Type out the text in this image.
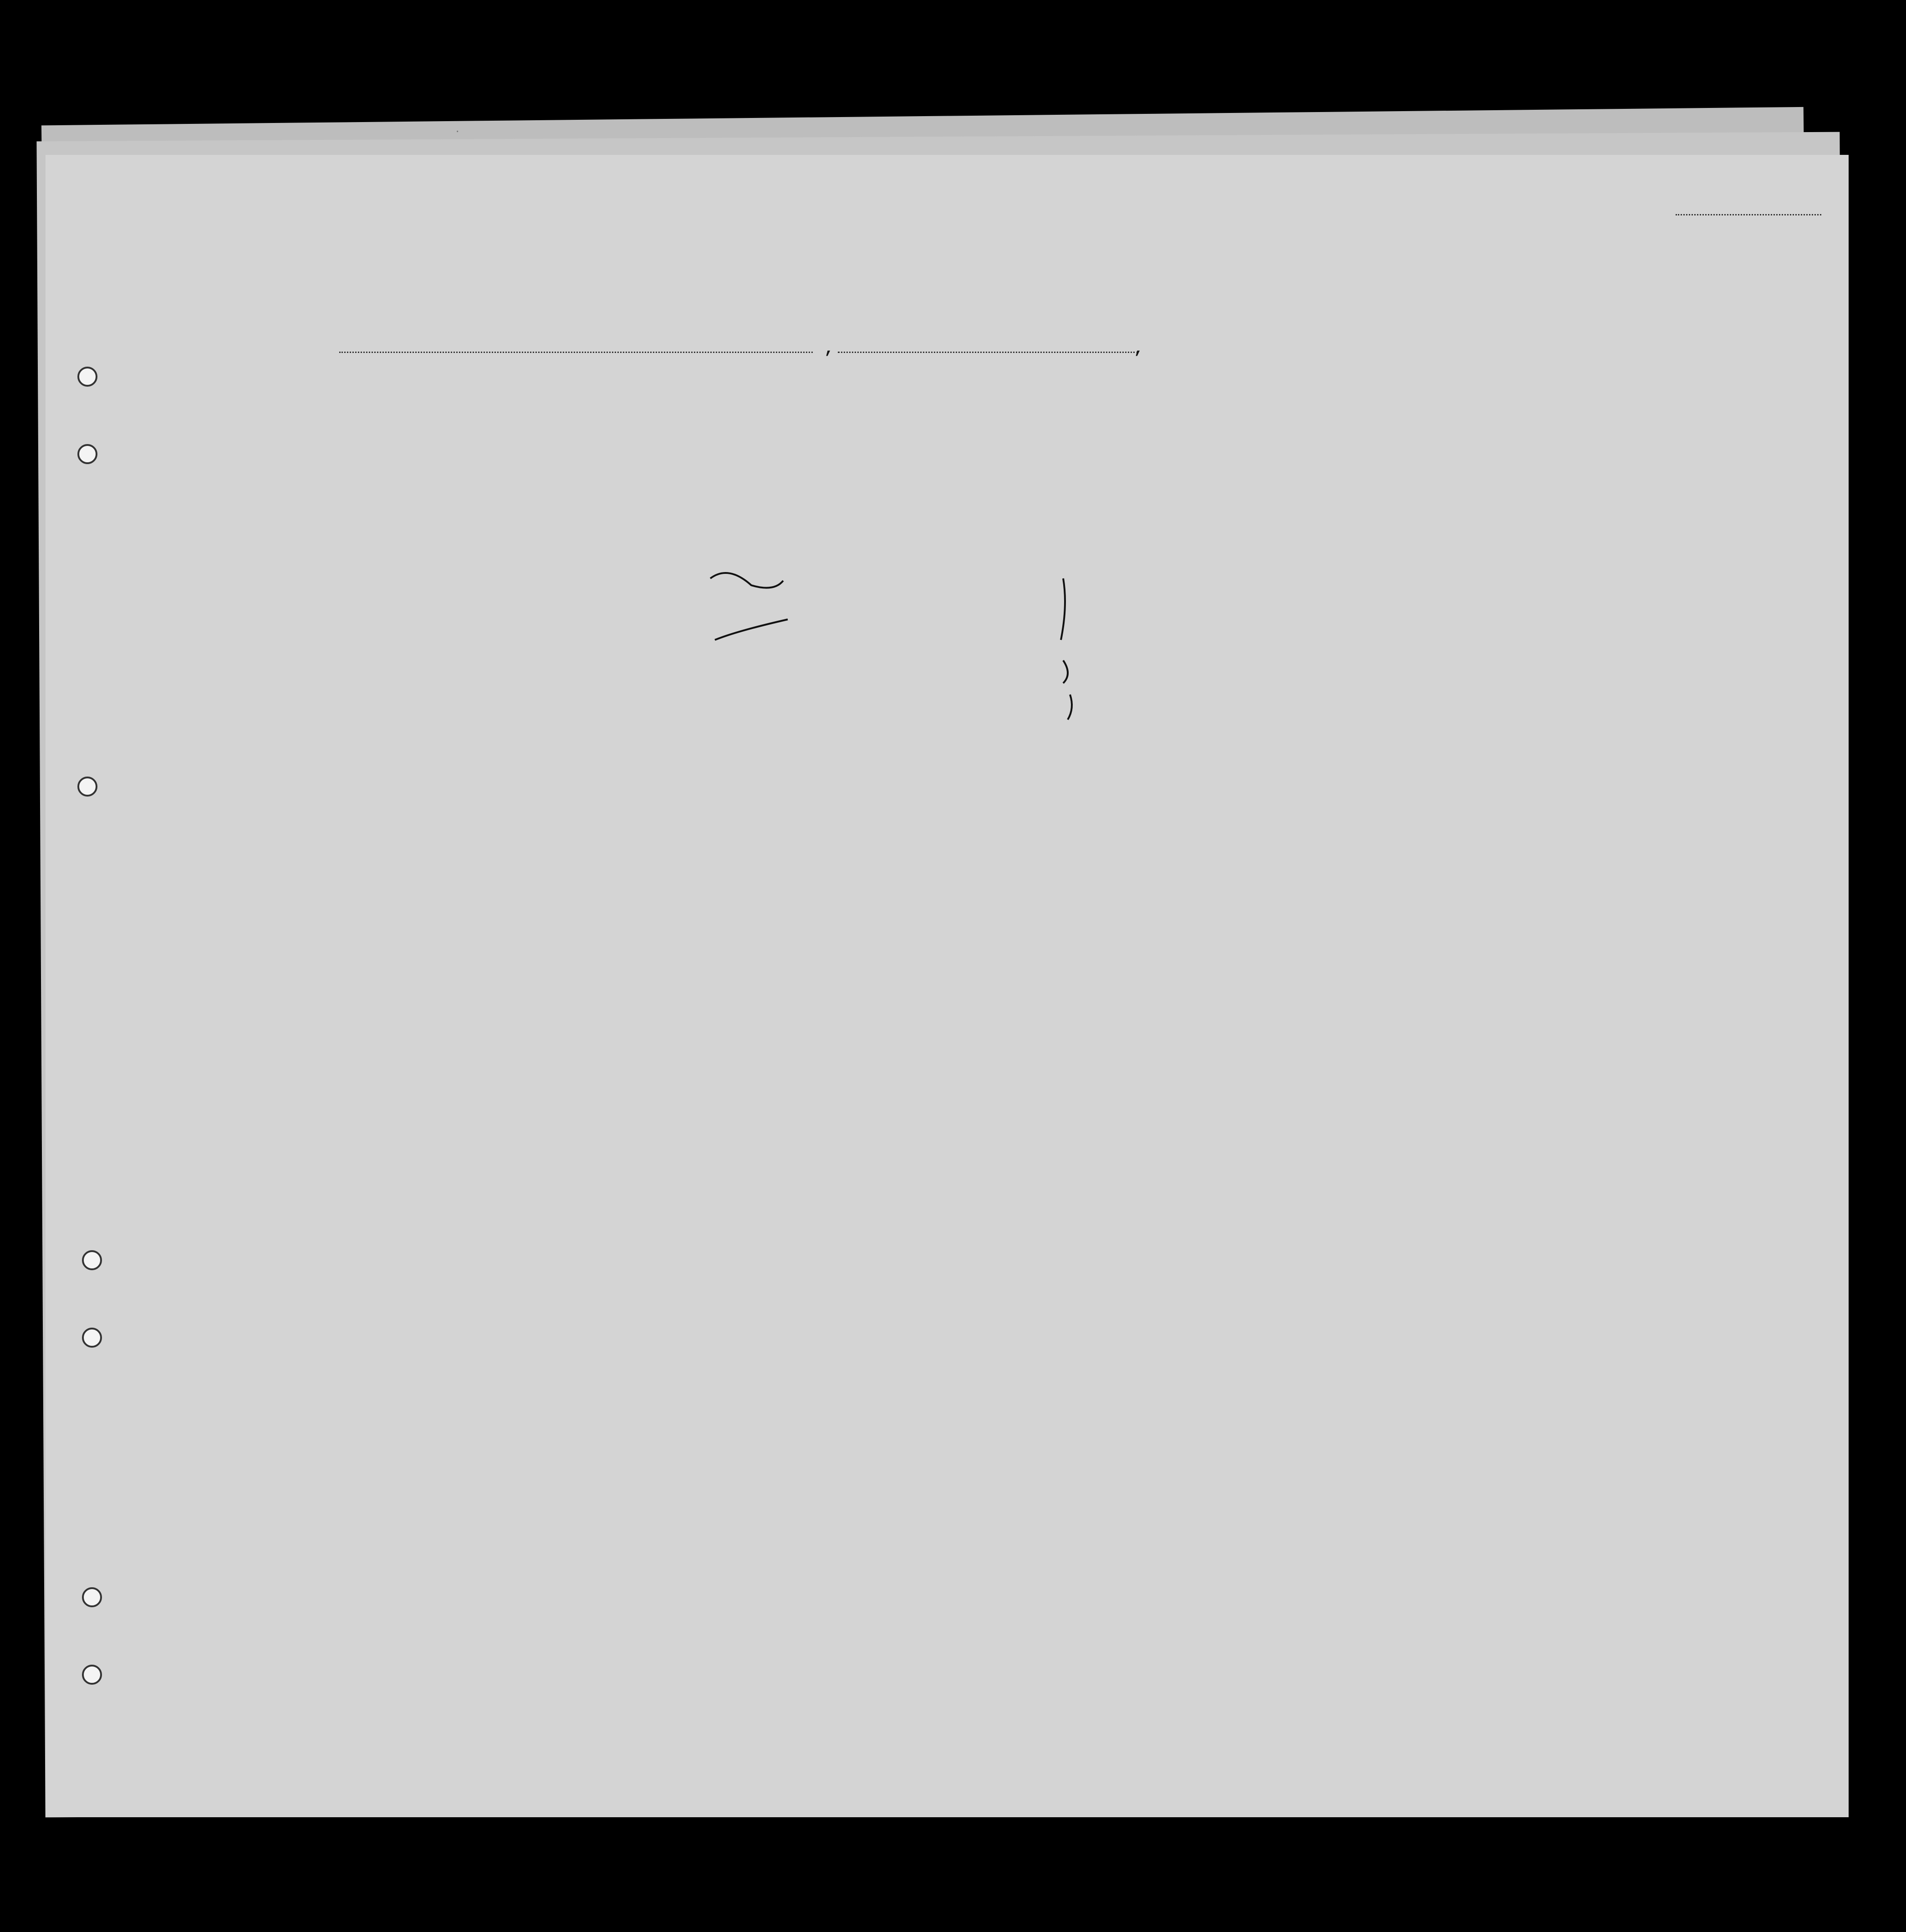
.
,	,
